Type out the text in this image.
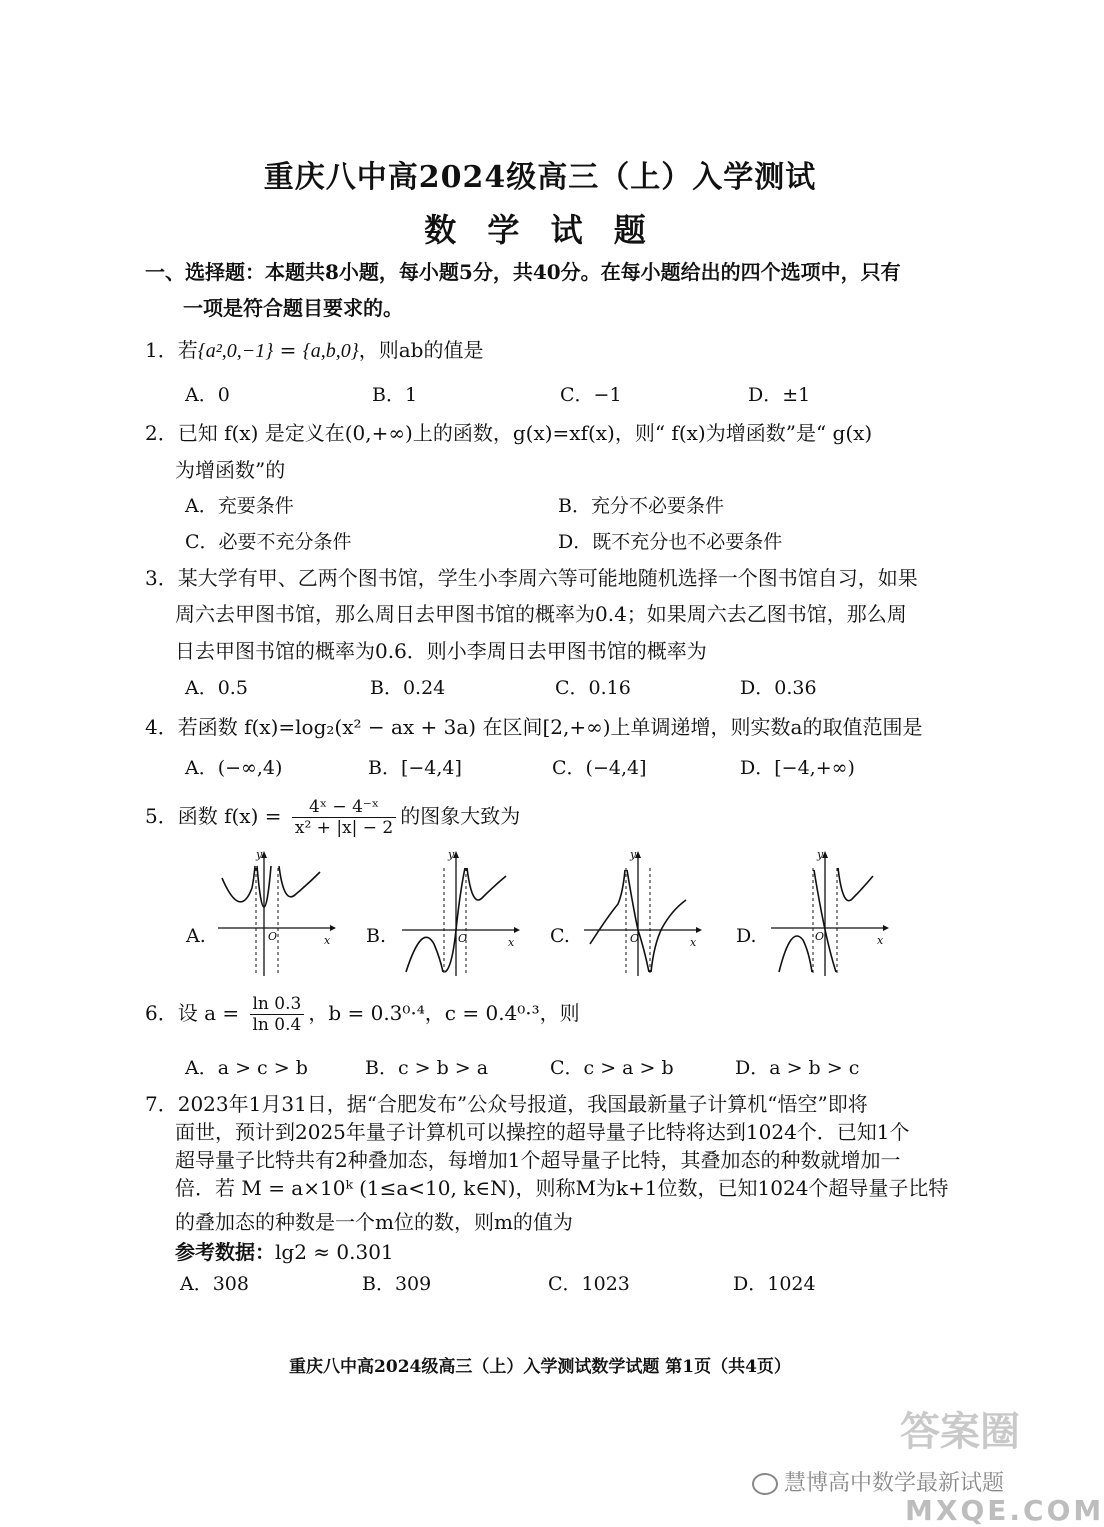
重庆八中高2024级高三（上）入学测试
数 学 试 题
一、选择题：本题共8小题，每小题5分，共40分。在每小题给出的四个选项中，只有
一项是符合题目要求的。
1．若{a²,0,−1} = {a,b,0}，则ab的值是
A．0	B．1	C．−1	D．±1
2．已知 f(x) 是定义在(0,+∞)上的函数，g(x)=xf(x)，则“ f(x)为增函数”是“ g(x)
为增函数”的
A．充要条件	B．充分不必要条件
C．必要不充分条件	D．既不充分也不必要条件
3．某大学有甲、乙两个图书馆，学生小李周六等可能地随机选择一个图书馆自习，如果
周六去甲图书馆，那么周日去甲图书馆的概率为0.4；如果周六去乙图书馆，那么周
日去甲图书馆的概率为0.6．则小李周日去甲图书馆的概率为
A．0.5	B．0.24	C．0.16	D．0.36
4．若函数 f(x)=log₂(x² − ax + 3a) 在区间[2,+∞)上单调递增，则实数a的取值范围是
A．(−∞,4)	B．[−4,4]	C．(−4,4]	D．[−4,+∞)
5．函数 $f(x) = \frac{\text{4ˣ − 4⁻ˣ}}{\text{x² + |x| − 2}}$ 的图象大致为
A.	B.	C.	D.
O	x
y
O	x
y
O	x
y
O	x
y
6．设 $a = \frac{\ln 0.3}{\ln 0.4}$ ，b = 0.3⁰·⁴，c = 0.4⁰·³，则
A．a > c > b	B．c > b > a	C．c > a > b	D．a > b > c
7．2023年1月31日，据“合肥发布”公众号报道，我国最新量子计算机“悟空”即将
面世，预计到2025年量子计算机可以操控的超导量子比特将达到1024个．已知1个
超导量子比特共有2种叠加态，每增加1个超导量子比特，其叠加态的种数就增加一
倍．若 M = a×10ᵏ (1≤a<10, k∈N)，则称M为k+1位数，已知1024个超导量子比特
的叠加态的种数是一个m位的数，则m的值为
参考数据：lg2 ≈ 0.301
A．308	B．309	C．1023	D．1024
重庆八中高2024级高三（上）入学测试数学试题 第1页（共4页）
慧博高中数学最新试题
答案圈
MXQE.COM
